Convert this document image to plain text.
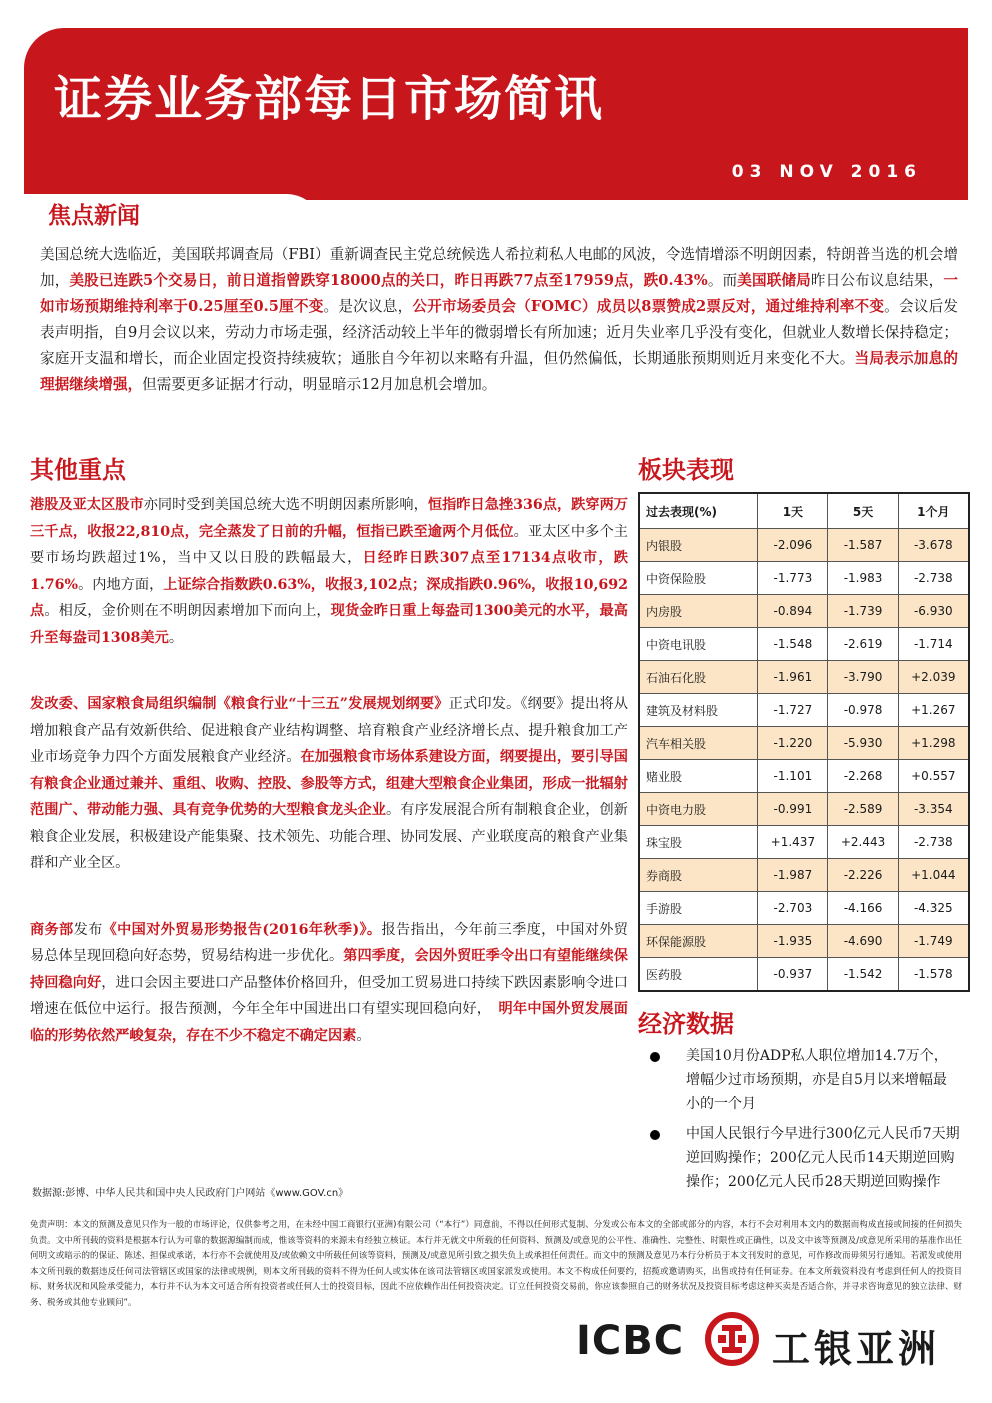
证券业务部每日市场简讯
03 NOV 2016
焦点新闻

美国总统大选临近，美国联邦调查局（FBI）重新调查民主党总统候选人希拉莉私人电邮的风波，令选情增添不明朗因素，特朗普当选的机会增加，美股已连跌5个交易日，前日道指曾跌穿18000点的关口，昨日再跌77点至17959点，跌0.43%。而美国联储局昨日公布议息结果，一如市场预期维持利率于0.25厘至0.5厘不变。是次议息，公开市场委员会（FOMC）成员以8票赞成2票反对，通过维持利率不变。会议后发表声明指，自9月会议以来，劳动力市场走强，经济活动较上半年的微弱增长有所加速；近月失业率几乎没有变化，但就业人数增长保持稳定；家庭开支温和增长，而企业固定投资持续疲软；通胀自今年初以来略有升温，但仍然偏低，长期通胀预期则近月来变化不大。当局表示加息的理据继续增强，但需要更多证据才行动，明显暗示12月加息机会增加。

其他重点

港股及亚太区股市亦同时受到美国总统大选不明朗因素所影响，恒指昨日急挫336点，跌穿两万三千点，收报22,810点，完全蒸发了日前的升幅，恒指已跌至逾两个月低位。亚太区中多个主要市场均跌超过1%，当中又以日股的跌幅最大，日经昨日跌307点至17134点收市，跌1.76%。内地方面，上证综合指数跌0.63%，收报3,102点；深成指跌0.96%，收报10,692点。相反，金价则在不明朗因素增加下而向上，现货金昨日重上每盎司1300美元的水平，最高升至每盎司1308美元。

发改委、国家粮食局组织编制《粮食行业“十三五”发展规划纲要》正式印发。《纲要》提出将从增加粮食产品有效新供给、促进粮食产业结构调整、培育粮食产业经济增长点、提升粮食加工产业市场竞争力四个方面发展粮食产业经济。在加强粮食市场体系建设方面，纲要提出，要引导国有粮食企业通过兼并、重组、收购、控股、参股等方式，组建大型粮食企业集团，形成一批辐射范围广、带动能力强、具有竞争优势的大型粮食龙头企业。有序发展混合所有制粮食企业，创新粮食企业发展，积极建设产能集聚、技术领先、功能合理、协同发展、产业联度高的粮食产业集群和产业全区。

商务部发布《中国对外贸易形势报告(2016年秋季)》。报告指出，今年前三季度，中国对外贸易总体呈现回稳向好态势，贸易结构进一步优化。第四季度，会因外贸旺季令出口有望能继续保持回稳向好，进口会因主要进口产品整体价格回升，但受加工贸易进口持续下跌因素影响令进口增速在低位中运行。报告预测，今年全年中国进出口有望实现回稳向好，　明年中国外贸发展面临的形势依然严峻复杂，存在不少不稳定不确定因素。

板块表现
过去表现(%)	1天	5天	1个月
内银股	-2.096	-1.587	-3.678
中资保险股	-1.773	-1.983	-2.738
内房股	-0.894	-1.739	-6.930
中资电讯股	-1.548	-2.619	-1.714
石油石化股	-1.961	-3.790	+2.039
建筑及材料股	-1.727	-0.978	+1.267
汽车相关股	-1.220	-5.930	+1.298
赌业股	-1.101	-2.268	+0.557
中资电力股	-0.991	-2.589	-3.354
珠宝股	+1.437	+2.443	-2.738
券商股	-1.987	-2.226	+1.044
手游股	-2.703	-4.166	-4.325
环保能源股	-1.935	-4.690	-1.749
医药股	-0.937	-1.542	-1.578
经济数据
美国10月份ADP私人职位增加14.7万个，增幅少过市场预期，亦是自5月以来增幅最小的一个月
中国人民银行今早进行300亿元人民币7天期逆回购操作；200亿元人民币14天期逆回购操作；200亿元人民币28天期逆回购操作

数据源:彭博、中华人民共和国中央人民政府门户网站《www.GOV.cn》

免责声明：本文的预测及意见只作为一般的市场评论，仅供参考之用，在未经中国工商银行(亚洲)有限公司（“本行”）同意前，不得以任何形式复制、分发或公布本文的全部或部分的内容，本行不会对利用本文内的数据而构成直接或间接的任何损失负责。文中所刊载的资料是根据本行认为可靠的数据源编制而成，惟该等资料的来源未有经独立核证。本行并无就文中所载的任何资料、预测及/或意见的公平性、准确性、完整性、时限性或正确性，以及文中该等预测及/或意见所采用的基准作出任何明文或暗示的的保证、陈述、担保或承诺，本行亦不会就使用及/或依赖文中所载任何该等资料，预测及/或意见所引致之损失负上或承担任何责任。而文中的预测及意见乃本行分析员于本文刊发时的意见，可作修改而毋须另行通知。若派发或使用本文所刊载的数据违反任何司法管辖区或国家的法律或规例，则本文所刊载的资料不得为任何人或实体在该司法管辖区或国家派发或使用。本文不构成任何要约，招揽或邀请购买，出售或持有任何证券。在本文所载资料没有考虑到任何人的投资目标、财务状况和风险承受能力，本行并不认为本文可适合所有投资者或任何人士的投资目标，因此不应依赖作出任何投资决定。订立任何投资交易前，你应该参照自己的财务状况及投资目标考虑这种买卖是否适合你，并寻求咨询意见的独立法律、财务、税务或其他专业顾问”。

ICBC 工银亚洲
